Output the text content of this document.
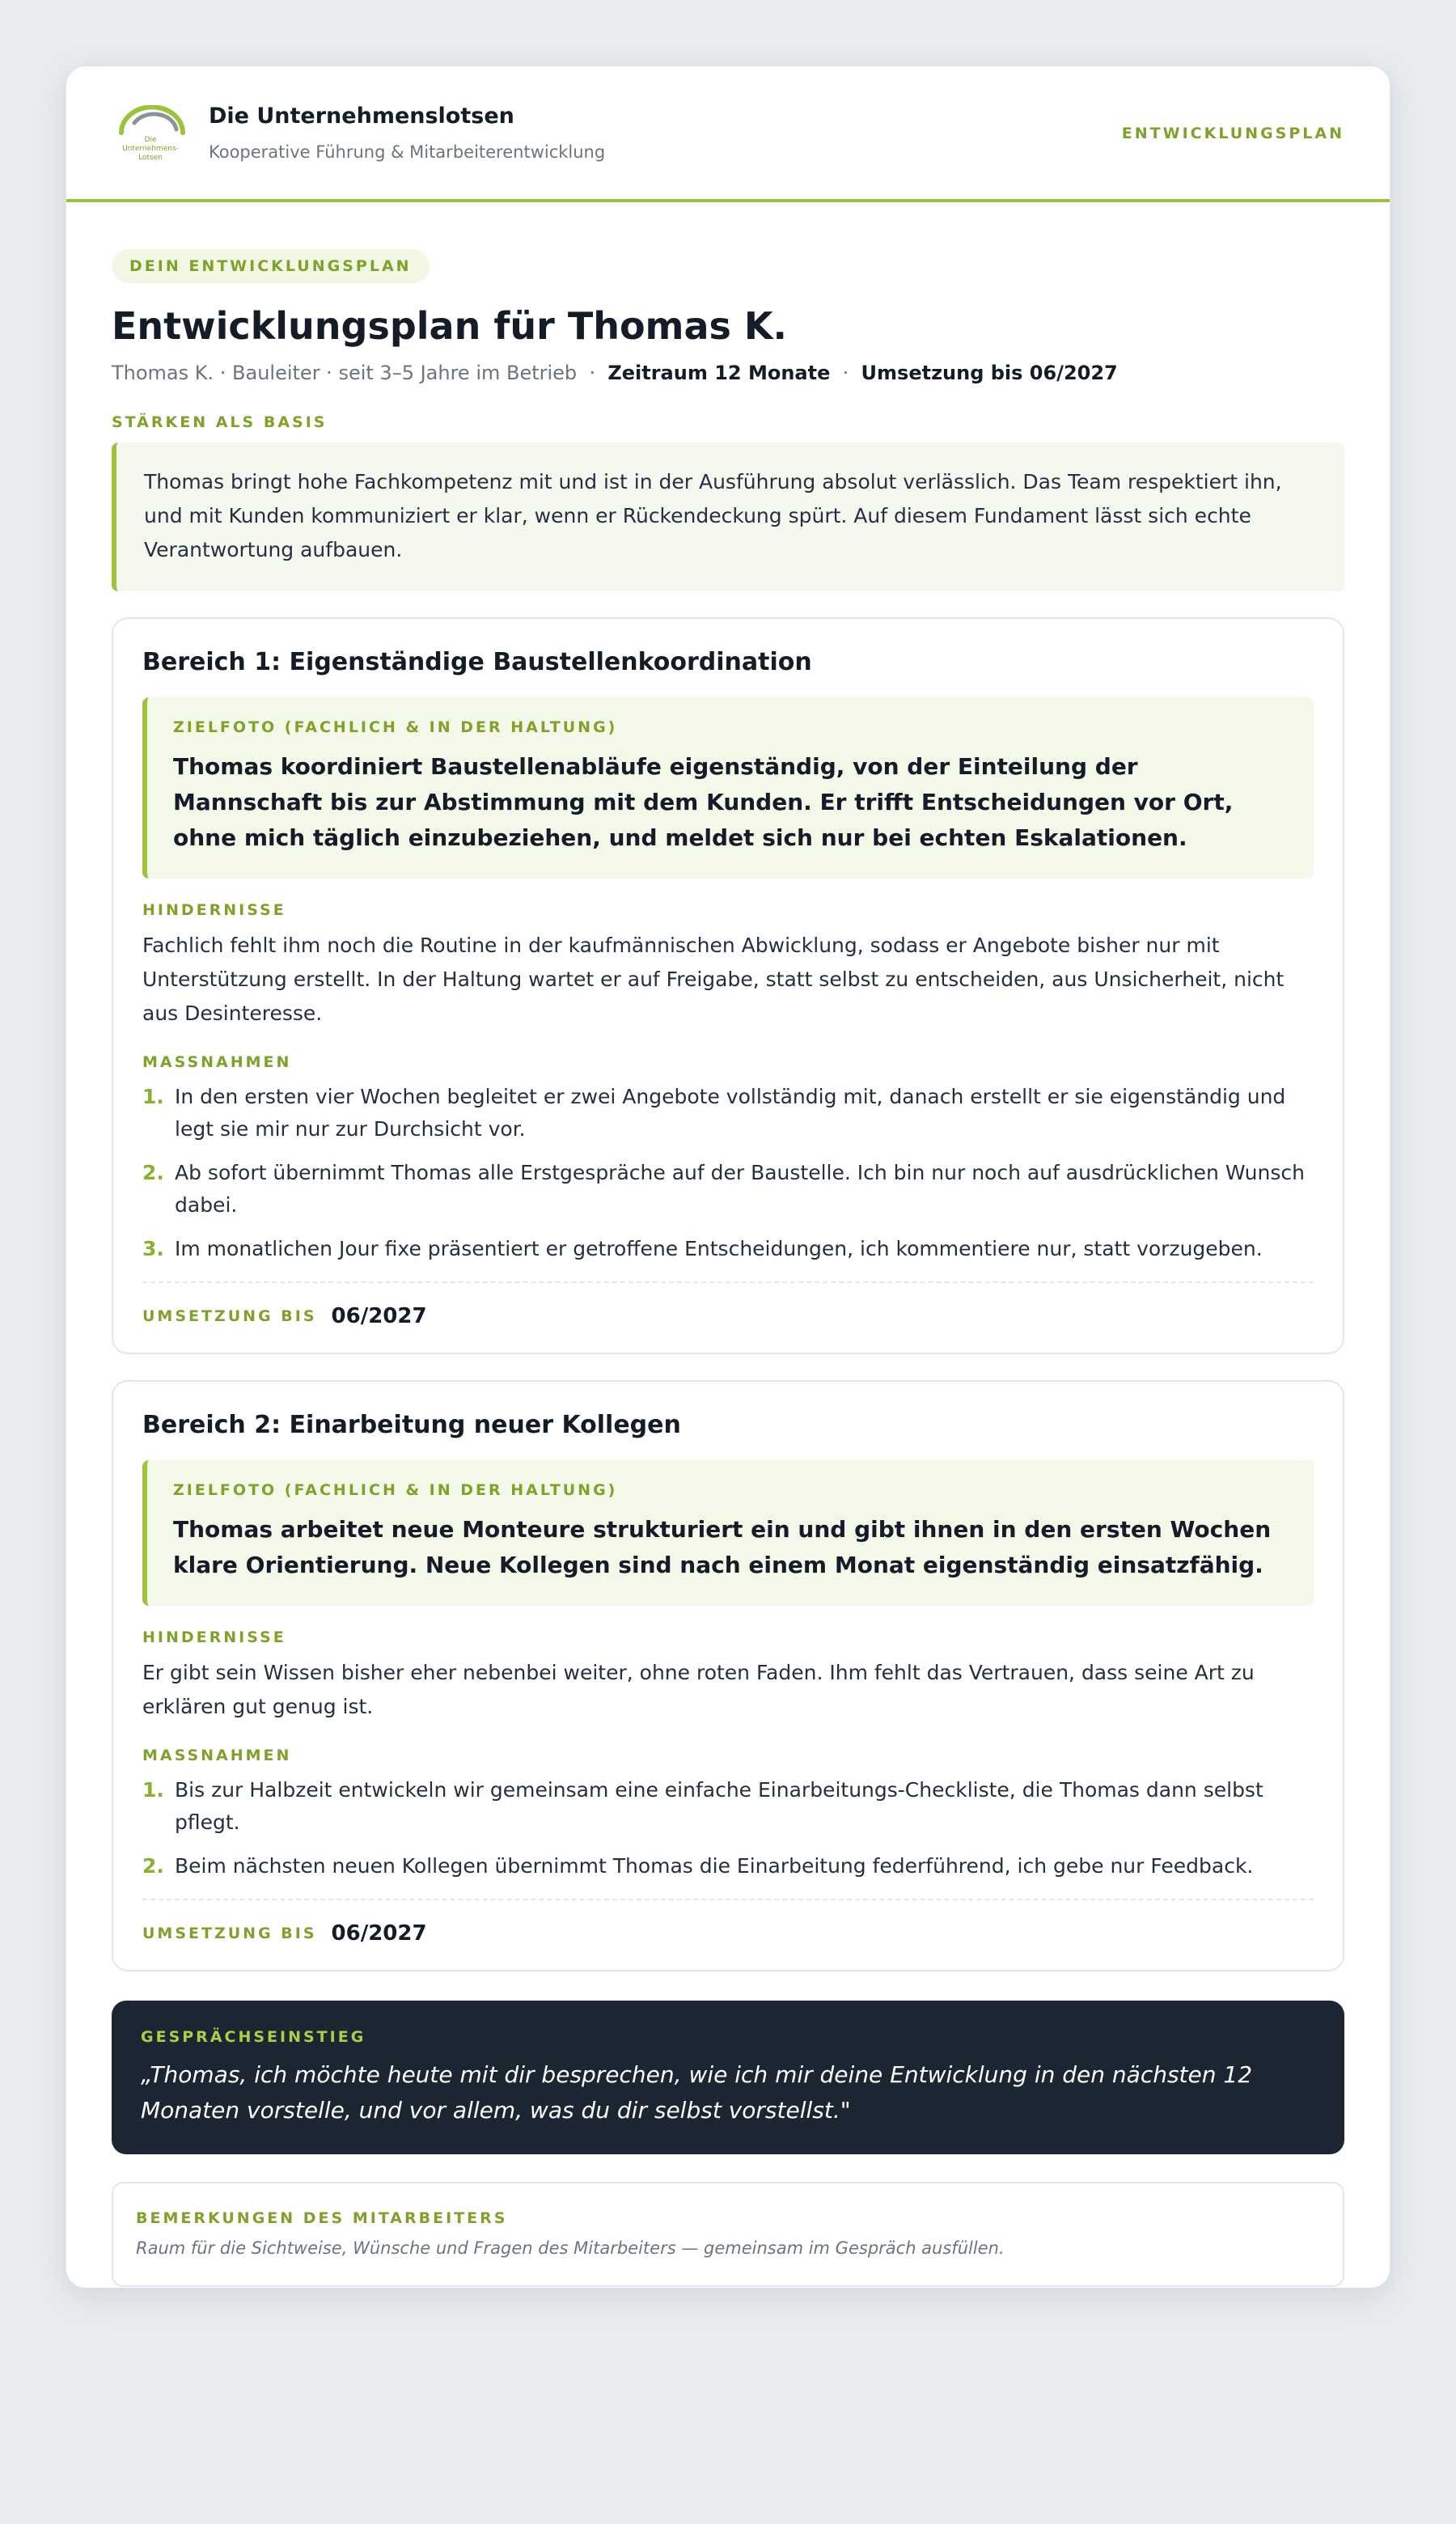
Die
Unternehmens-
Lotsen
Die Unternehmenslotsen
Kooperative Führung & Mitarbeiterentwicklung
ENTWICKLUNGSPLAN
DEIN ENTWICKLUNGSPLAN
Entwicklungsplan für Thomas K.
Thomas K. · Bauleiter · seit 3–5 Jahre im Betrieb · Zeitraum 12 Monate · Umsetzung bis 06/2027
STÄRKEN ALS BASIS
Thomas bringt hohe Fachkompetenz mit und ist in der Ausführung absolut verlässlich. Das Team respektiert ihn, und mit Kunden kommuniziert er klar, wenn er Rückendeckung spürt. Auf diesem Fundament lässt sich echte Verantwortung aufbauen.
Bereich 1: Eigenständige Baustellenkoordination
ZIELFOTO (FACHLICH & IN DER HALTUNG)
Thomas koordiniert Baustellenabläufe eigenständig, von der Einteilung der Mannschaft bis zur Abstimmung mit dem Kunden. Er trifft Entscheidungen vor Ort, ohne mich täglich einzubeziehen, und meldet sich nur bei echten Eskalationen.
HINDERNISSE
Fachlich fehlt ihm noch die Routine in der kaufmännischen Abwicklung, sodass er Angebote bisher nur mit Unterstützung erstellt. In der Haltung wartet er auf Freigabe, statt selbst zu entscheiden, aus Unsicherheit, nicht aus Desinteresse.
MASSNAHMEN
1. In den ersten vier Wochen begleitet er zwei Angebote vollständig mit, danach erstellt er sie eigenständig und legt sie mir nur zur Durchsicht vor.
2. Ab sofort übernimmt Thomas alle Erstgespräche auf der Baustelle. Ich bin nur noch auf ausdrücklichen Wunsch dabei.
3. Im monatlichen Jour fixe präsentiert er getroffene Entscheidungen, ich kommentiere nur, statt vorzugeben.
UMSETZUNG BIS 06/2027
Bereich 2: Einarbeitung neuer Kollegen
ZIELFOTO (FACHLICH & IN DER HALTUNG)
Thomas arbeitet neue Monteure strukturiert ein und gibt ihnen in den ersten Wochen klare Orientierung. Neue Kollegen sind nach einem Monat eigenständig einsatzfähig.
HINDERNISSE
Er gibt sein Wissen bisher eher nebenbei weiter, ohne roten Faden. Ihm fehlt das Vertrauen, dass seine Art zu erklären gut genug ist.
MASSNAHMEN
1. Bis zur Halbzeit entwickeln wir gemeinsam eine einfache Einarbeitungs-Checkliste, die Thomas dann selbst pflegt.
2. Beim nächsten neuen Kollegen übernimmt Thomas die Einarbeitung federführend, ich gebe nur Feedback.
UMSETZUNG BIS 06/2027
GESPRÄCHSEINSTIEG
„Thomas, ich möchte heute mit dir besprechen, wie ich mir deine Entwicklung in den nächsten 12 Monaten vorstelle, und vor allem, was du dir selbst vorstellst."
BEMERKUNGEN DES MITARBEITERS
Raum für die Sichtweise, Wünsche und Fragen des Mitarbeiters — gemeinsam im Gespräch ausfüllen.
